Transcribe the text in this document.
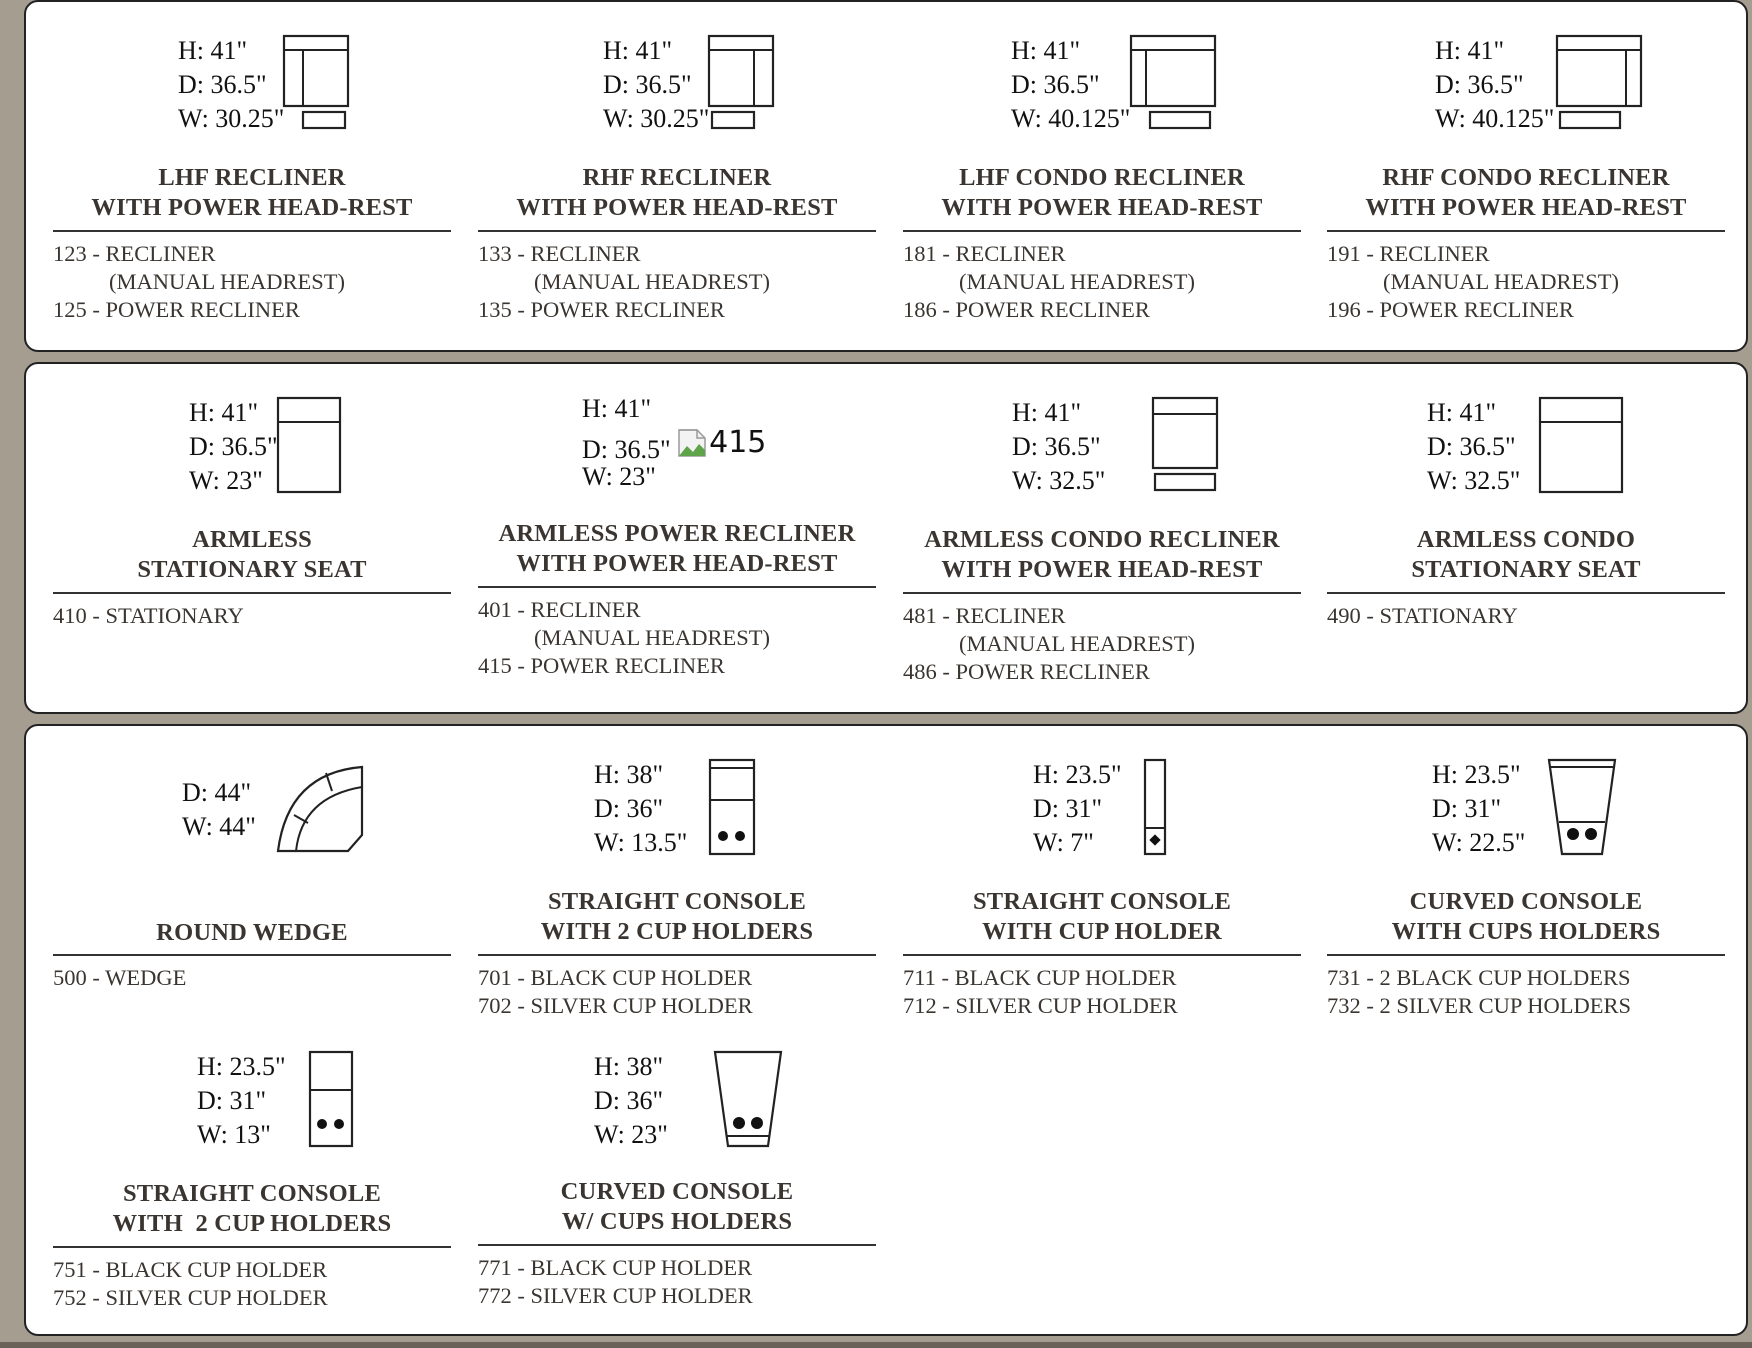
H: 41"
D: 36.5"
W: 30.25"
LHF RECLINER
WITH POWER HEAD-REST
123 - RECLINER
(MANUAL HEADREST)
125 - POWER RECLINER
H: 41"
D: 36.5"
W: 30.25"
RHF RECLINER
WITH POWER HEAD-REST
133 - RECLINER
(MANUAL HEADREST)
135 - POWER RECLINER
H: 41"
D: 36.5"
W: 40.125"
LHF CONDO RECLINER
WITH POWER HEAD-REST
181 - RECLINER
(MANUAL HEADREST)
186 - POWER RECLINER
H: 41"
D: 36.5"
W: 40.125"
RHF CONDO RECLINER
WITH POWER HEAD-REST
191 - RECLINER
(MANUAL HEADREST)
196 - POWER RECLINER
H: 41"
D: 36.5"
W: 23"
ARMLESS
STATIONARY SEAT
410 - STATIONARY
H: 41"
D: 36.5" 415
W: 23"
ARMLESS POWER RECLINER
WITH POWER HEAD-REST
401 - RECLINER
(MANUAL HEADREST)
415 - POWER RECLINER
H: 41"
D: 36.5"
W: 32.5"
ARMLESS CONDO RECLINER
WITH POWER HEAD-REST
481 - RECLINER
(MANUAL HEADREST)
486 - POWER RECLINER
H: 41"
D: 36.5"
W: 32.5"
ARMLESS CONDO
STATIONARY SEAT
490 - STATIONARY
D: 44"
W: 44"
ROUND WEDGE
500 - WEDGE
H: 38"
D: 36"
W: 13.5"
STRAIGHT CONSOLE
WITH 2 CUP HOLDERS
701 - BLACK CUP HOLDER
702 - SILVER CUP HOLDER
H: 23.5"
D: 31"
W: 7"
STRAIGHT CONSOLE
WITH CUP HOLDER
711 - BLACK CUP HOLDER
712 - SILVER CUP HOLDER
H: 23.5"
D: 31"
W: 22.5"
CURVED CONSOLE
WITH CUPS HOLDERS
731 - 2 BLACK CUP HOLDERS
732 - 2 SILVER CUP HOLDERS
H: 23.5"
D: 31"
W: 13"
STRAIGHT CONSOLE
WITH  2 CUP HOLDERS
751 - BLACK CUP HOLDER
752 - SILVER CUP HOLDER
H: 38"
D: 36"
W: 23"
CURVED CONSOLE
W/ CUPS HOLDERS
771 - BLACK CUP HOLDER
772 - SILVER CUP HOLDER
